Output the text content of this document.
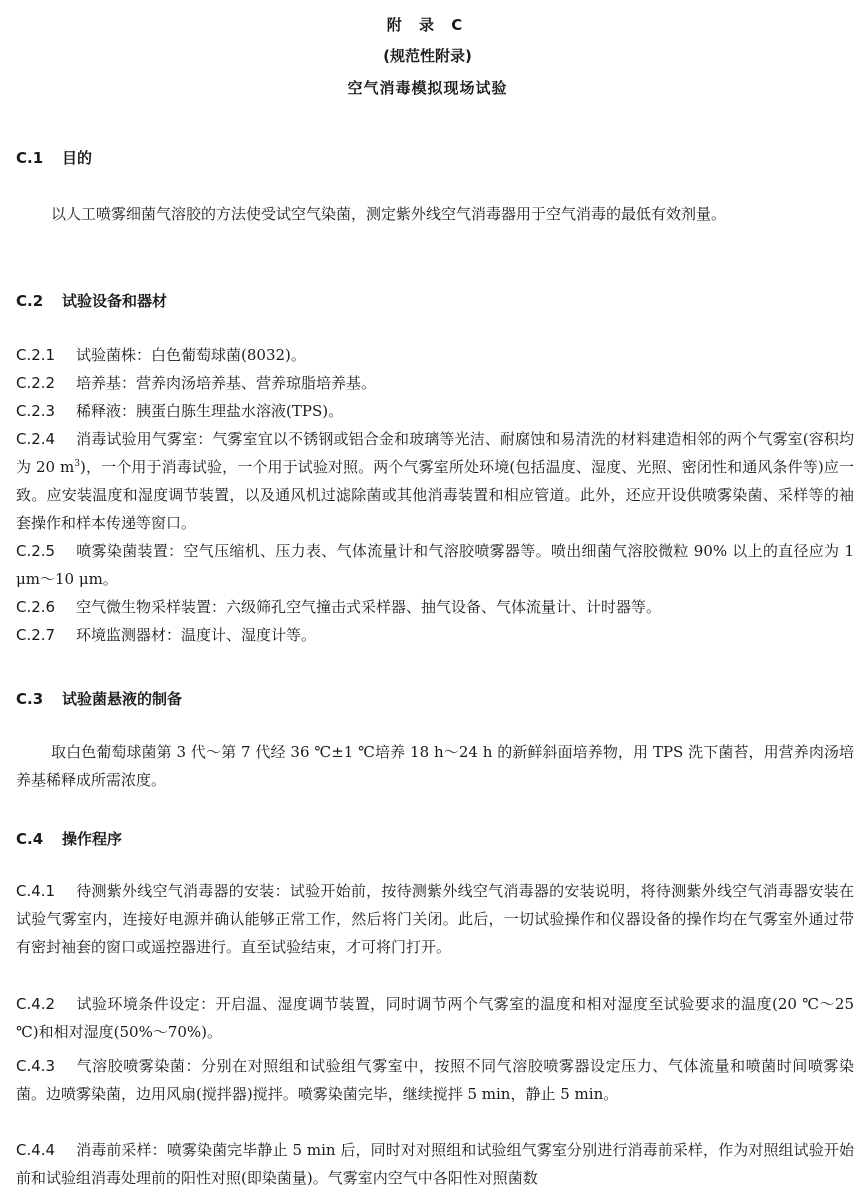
附 录 C
(规范性附录)
空气消毒模拟现场试验
C.1 目的

以人工喷雾细菌气溶胶的方法使受试空气染菌，测定紫外线空气消毒器用于空气消毒的最低有效剂量。

C.2 试验设备和器材

C.2.1 试验菌株：白色葡萄球菌(8032)。

C.2.2 培养基：营养肉汤培养基、营养琼脂培养基。

C.2.3 稀释液：胰蛋白胨生理盐水溶液(TPS)。

C.2.4 消毒试验用气雾室：气雾室宜以不锈钢或铝合金和玻璃等光洁、耐腐蚀和易清洗的材料建造相邻的两个气雾室(容积均为 20 $m^3$)，一个用于消毒试验，一个用于试验对照。两个气雾室所处环境(包括温度、湿度、光照、密闭性和通风条件等)应一致。应安装温度和湿度调节装置，以及通风机过滤除菌或其他消毒装置和相应管道。此外，还应开设供喷雾染菌、采样等的袖套操作和样本传递等窗口。

C.2.5 喷雾染菌装置：空气压缩机、压力表、气体流量计和气溶胶喷雾器等。喷出细菌气溶胶微粒 90% 以上的直径应为 1 μm～10 μm。

C.2.6 空气微生物采样装置：六级筛孔空气撞击式采样器、抽气设备、气体流量计、计时器等。

C.2.7 环境监测器材：温度计、湿度计等。

C.3 试验菌悬液的制备

取白色葡萄球菌第 3 代～第 7 代经 36 ℃±1 ℃培养 18 h～24 h 的新鲜斜面培养物，用 TPS 洗下菌苔，用营养肉汤培养基稀释成所需浓度。

C.4 操作程序

C.4.1 待测紫外线空气消毒器的安装：试验开始前，按待测紫外线空气消毒器的安装说明，将待测紫外线空气消毒器安装在试验气雾室内，连接好电源并确认能够正常工作，然后将门关闭。此后，一切试验操作和仪器设备的操作均在气雾室外通过带有密封袖套的窗口或遥控器进行。直至试验结束，才可将门打开。

C.4.2 试验环境条件设定：开启温、湿度调节装置，同时调节两个气雾室的温度和相对湿度至试验要求的温度(20 ℃～25 ℃)和相对湿度(50%～70%)。

C.4.3 气溶胶喷雾染菌：分别在对照组和试验组气雾室中，按照不同气溶胶喷雾器设定压力、气体流量和喷菌时间喷雾染菌。边喷雾染菌，边用风扇(搅拌器)搅拌。喷雾染菌完毕，继续搅拌 5 min，静止 5 min。

C.4.4 消毒前采样：喷雾染菌完毕静止 5 min 后，同时对对照组和试验组气雾室分别进行消毒前采样，作为对照组试验开始前和试验组消毒处理前的阳性对照(即染菌量)。气雾室内空气中各阳性对照菌数
